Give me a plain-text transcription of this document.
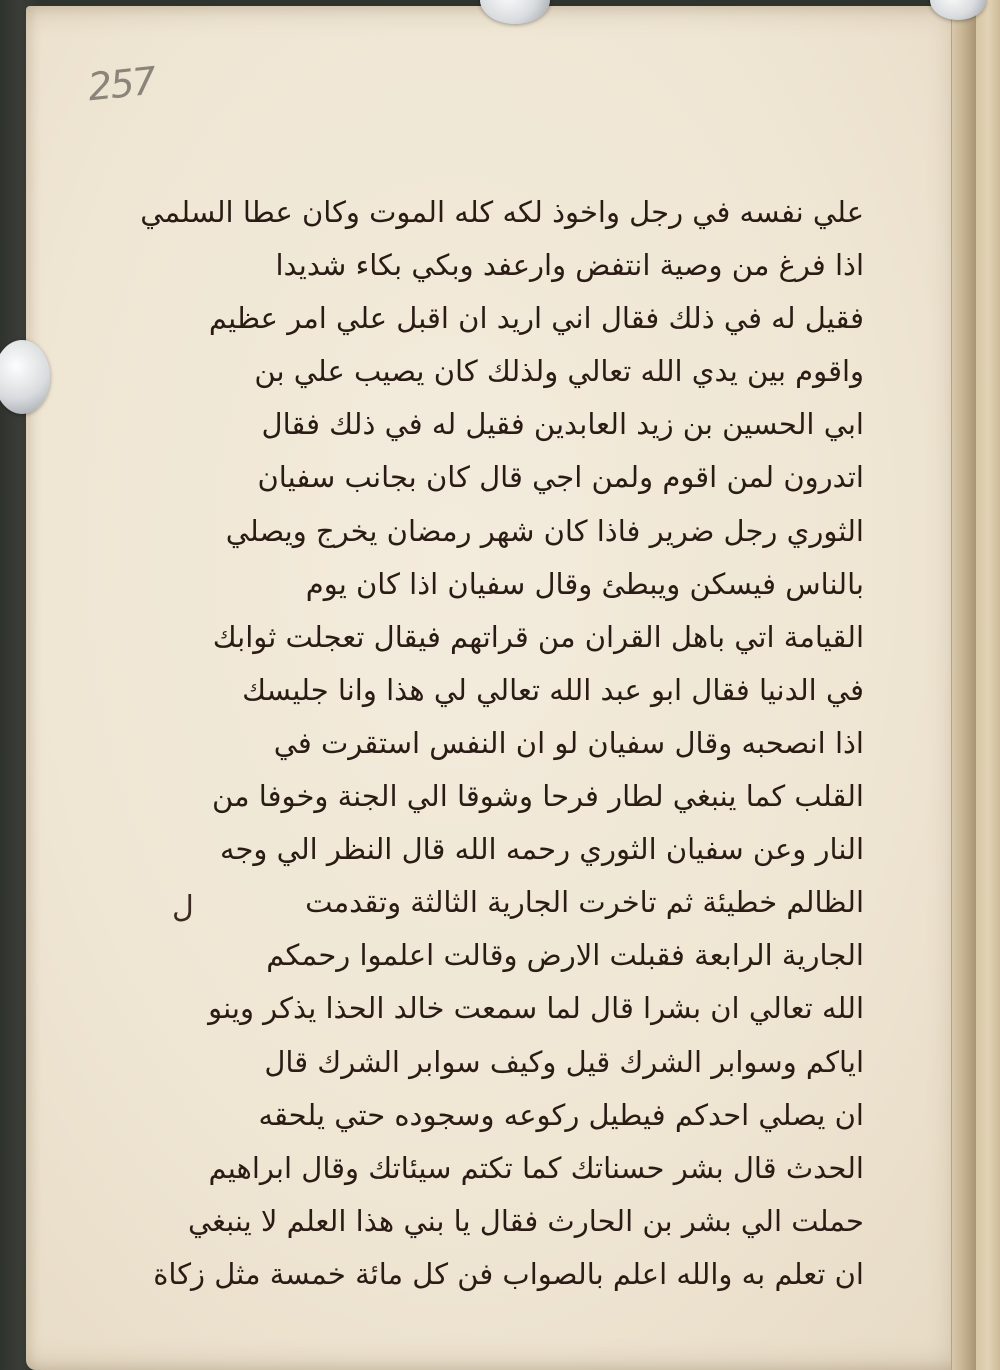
257
ل
علي نفسه في رجل واخوذ لكه كله الموت وكان عطا السلمي
اذا فرغ من وصية انتفض وارعفد وبكي بكاء شديدا
فقيل له في ذلك فقال اني اريد ان اقبل علي امر عظيم
واقوم بين يدي الله تعالي ولذلك كان يصيب علي بن
ابي الحسين بن زيد العابدين فقيل له في ذلك فقال
اتدرون لمن اقوم ولمن اجي قال كان بجانب سفيان
الثوري رجل ضرير فاذا كان شهر رمضان يخرج ويصلي
بالناس فيسكن ويبطئ وقال سفيان اذا كان يوم
القيامة اتي باهل القران من قراتهم فيقال تعجلت ثوابك
في الدنيا فقال ابو عبد الله تعالي لي هذا وانا جليسك
اذا انصحبه وقال سفيان لو ان النفس استقرت في
القلب كما ينبغي لطار فرحا وشوقا الي الجنة وخوفا من
النار وعن سفيان الثوري رحمه الله قال النظر الي وجه
الظالم خطيئة ثم تاخرت الجارية الثالثة وتقدمت
الجارية الرابعة فقبلت الارض وقالت اعلموا رحمكم
الله تعالي ان بشرا قال لما سمعت خالد الحذا يذكر وينو
اياكم وسوابر الشرك قيل وكيف سوابر الشرك قال
ان يصلي احدكم فيطيل ركوعه وسجوده حتي يلحقه
الحدث قال بشر حسناتك كما تكتم سيئاتك وقال ابراهيم
حملت الي بشر بن الحارث فقال يا بني هذا العلم لا ينبغي
ان تعلم به والله اعلم بالصواب فن كل مائة خمسة مثل زكاة
